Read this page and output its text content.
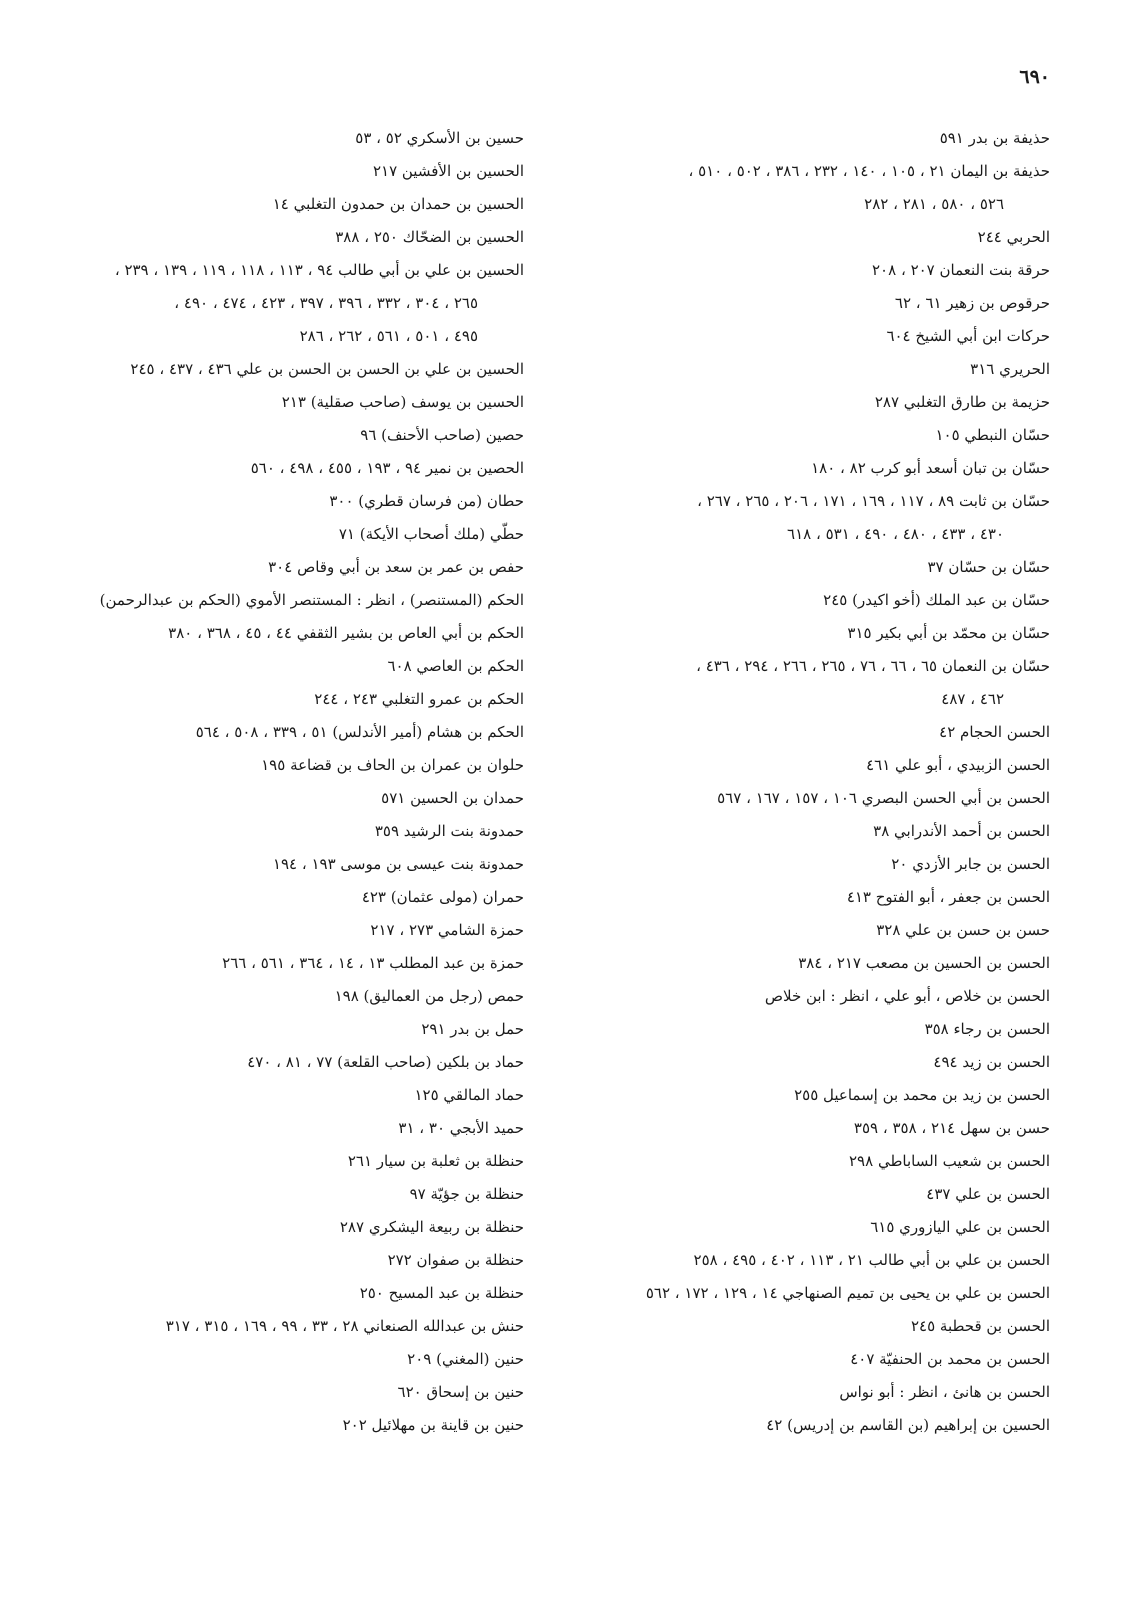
٦٩٠
حذيفة بن بدر ٥٩١
حذيفة بن اليمان ٢١ ، ١٠٥ ، ١٤٠ ، ٢٣٢ ، ٣٨٦ ، ٥٠٢ ، ٥١٠ ،
٥٢٦ ، ٥٨٠ ، ٢٨١ ، ٢٨٢
الحربي ٢٤٤
حرقة بنت النعمان ٢٠٧ ، ٢٠٨
حرقوص بن زهير ٦١ ، ٦٢
حركات ابن أبي الشيخ ٦٠٤
الحريري ٣١٦
حزيمة بن طارق التغلبي ٢٨٧
حسّان النبطي ١٠٥
حسّان بن تبان أسعد أبو كرب ٨٢ ، ١٨٠
حسّان بن ثابت ٨٩ ، ١١٧ ، ١٦٩ ، ١٧١ ، ٢٠٦ ، ٢٦٥ ، ٢٦٧ ،
٤٣٠ ، ٤٣٣ ، ٤٨٠ ، ٤٩٠ ، ٥٣١ ، ٦١٨
حسّان بن حسّان ٣٧
حسّان بن عبد الملك (أخو اكيدر) ٢٤٥
حسّان بن محمّد بن أبي بكير ٣١٥
حسّان بن النعمان ٦٥ ، ٦٦ ، ٧٦ ، ٢٦٥ ، ٢٦٦ ، ٢٩٤ ، ٤٣٦ ،
٤٦٢ ، ٤٨٧
الحسن الحجام ٤٢
الحسن الزبيدي ، أبو علي ٤٦١
الحسن بن أبي الحسن البصري ١٠٦ ، ١٥٧ ، ١٦٧ ، ٥٦٧
الحسن بن أحمد الأندرابي ٣٨
الحسن بن جابر الأزدي ٢٠
الحسن بن جعفر ، أبو الفتوح ٤١٣
حسن بن حسن بن علي ٣٢٨
الحسن بن الحسين بن مصعب ٢١٧ ، ٣٨٤
الحسن بن خلاص ، أبو علي ، انظر : ابن خلاص
الحسن بن رجاء ٣٥٨
الحسن بن زيد ٤٩٤
الحسن بن زيد بن محمد بن إسماعيل ٢٥٥
حسن بن سهل ٢١٤ ، ٣٥٨ ، ٣٥٩
الحسن بن شعيب الساباطي ٢٩٨
الحسن بن علي ٤٣٧
الحسن بن علي اليازوري ٦١٥
الحسن بن علي بن أبي طالب ٢١ ، ١١٣ ، ٤٠٢ ، ٤٩٥ ، ٢٥٨
الحسن بن علي بن يحيى بن تميم الصنهاجي ١٤ ، ١٢٩ ، ١٧٢ ، ٥٦٢
الحسن بن قحطبة ٢٤٥
الحسن بن محمد بن الحنفيّة ٤٠٧
الحسن بن هانئ ، انظر : أبو نواس
الحسين بن إبراهيم (بن القاسم بن إدريس) ٤٢
حسين بن الأسكري ٥٢ ، ٥٣
الحسين بن الأفشين ٢١٧
الحسين بن حمدان بن حمدون التغلبي ١٤
الحسين بن الضحّاك ٢٥٠ ، ٣٨٨
الحسين بن علي بن أبي طالب ٩٤ ، ١١٣ ، ١١٨ ، ١١٩ ، ١٣٩ ، ٢٣٩ ،
٢٦٥ ، ٣٠٤ ، ٣٣٢ ، ٣٩٦ ، ٣٩٧ ، ٤٢٣ ، ٤٧٤ ، ٤٩٠ ،
٤٩٥ ، ٥٠١ ، ٥٦١ ، ٢٦٢ ، ٢٨٦
الحسين بن علي بن الحسن بن الحسن بن علي ٤٣٦ ، ٤٣٧ ، ٢٤٥
الحسين بن يوسف (صاحب صقلية) ٢١٣
حصين (صاحب الأحنف) ٩٦
الحصين بن نمير ٩٤ ، ١٩٣ ، ٤٥٥ ، ٤٩٨ ، ٥٦٠
حطان (من فرسان قطري) ٣٠٠
حطّي (ملك أصحاب الأيكة) ٧١
حفص بن عمر بن سعد بن أبي وقاص ٣٠٤
الحكم (المستنصر) ، انظر : المستنصر الأموي (الحكم بن عبدالرحمن)
الحكم بن أبي العاص بن بشير الثقفي ٤٤ ، ٤٥ ، ٣٦٨ ، ٣٨٠
الحكم بن العاصي ٦٠٨
الحكم بن عمرو التغلبي ٢٤٣ ، ٢٤٤
الحكم بن هشام (أمير الأندلس) ٥١ ، ٣٣٩ ، ٥٠٨ ، ٥٦٤
حلوان بن عمران بن الحاف بن قضاعة ١٩٥
حمدان بن الحسين ٥٧١
حمدونة بنت الرشيد ٣٥٩
حمدونة بنت عيسى بن موسى ١٩٣ ، ١٩٤
حمران (مولى عثمان) ٤٢٣
حمزة الشامي ٢٧٣ ، ٢١٧
حمزة بن عبد المطلب ١٣ ، ١٤ ، ٣٦٤ ، ٥٦١ ، ٢٦٦
حمص (رجل من العماليق) ١٩٨
حمل بن بدر ٢٩١
حماد بن بلكين (صاحب القلعة) ٧٧ ، ٨١ ، ٤٧٠
حماد المالقي ١٢٥
حميد الأبجي ٣٠ ، ٣١
حنظلة بن ثعلبة بن سيار ٢٦١
حنظلة بن جؤيّة ٩٧
حنظلة بن ربيعة اليشكري ٢٨٧
حنظلة بن صفوان ٢٧٢
حنظلة بن عبد المسيح ٢٥٠
حنش بن عبدالله الصنعاني ٢٨ ، ٣٣ ، ٩٩ ، ١٦٩ ، ٣١٥ ، ٣١٧
حنين (المغني) ٢٠٩
حنين بن إسحاق ٦٢٠
حنين بن قاينة بن مهلائيل ٢٠٢
